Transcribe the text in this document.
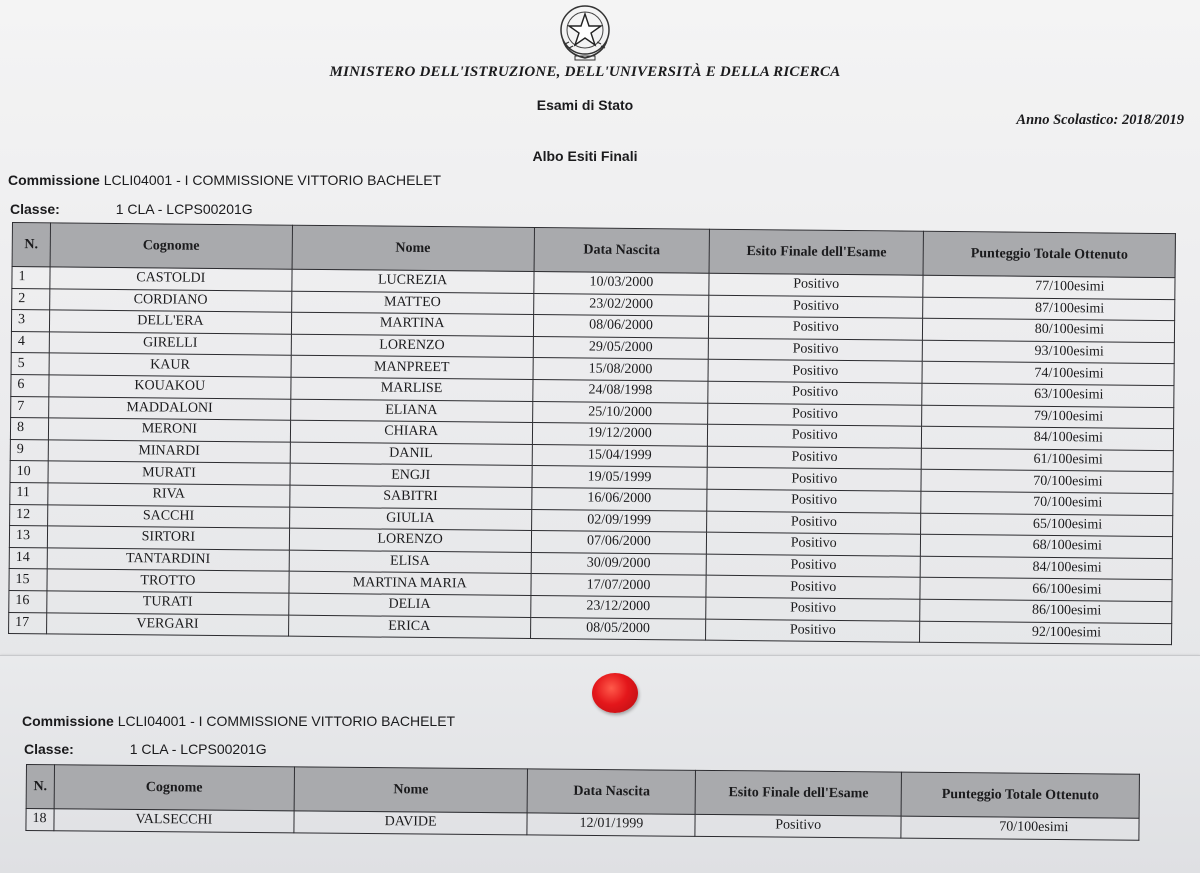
MINISTERO DELL'ISTRUZIONE, DELL'UNIVERSITÀ E DELLA RICERCA
Esami di Stato
Anno Scolastico: 2018/2019
Albo Esiti Finali
Commissione LCLI04001 - I COMMISSIONE VITTORIO BACHELET
Classe:	1 CLA - LCPS00201G
N.	Cognome	Nome	Data Nascita	Esito Finale dell'Esame	Punteggio Totale Ottenuto
1	CASTOLDI	LUCREZIA	10/03/2000	Positivo	77/100esimi
2	CORDIANO	MATTEO	23/02/2000	Positivo	87/100esimi
3	DELL'ERA	MARTINA	08/06/2000	Positivo	80/100esimi
4	GIRELLI	LORENZO	29/05/2000	Positivo	93/100esimi
5	KAUR	MANPREET	15/08/2000	Positivo	74/100esimi
6	KOUAKOU	MARLISE	24/08/1998	Positivo	63/100esimi
7	MADDALONI	ELIANA	25/10/2000	Positivo	79/100esimi
8	MERONI	CHIARA	19/12/2000	Positivo	84/100esimi
9	MINARDI	DANIL	15/04/1999	Positivo	61/100esimi
10	MURATI	ENGJI	19/05/1999	Positivo	70/100esimi
11	RIVA	SABITRI	16/06/2000	Positivo	70/100esimi
12	SACCHI	GIULIA	02/09/1999	Positivo	65/100esimi
13	SIRTORI	LORENZO	07/06/2000	Positivo	68/100esimi
14	TANTARDINI	ELISA	30/09/2000	Positivo	84/100esimi
15	TROTTO	MARTINA MARIA	17/07/2000	Positivo	66/100esimi
16	TURATI	DELIA	23/12/2000	Positivo	86/100esimi
17	VERGARI	ERICA	08/05/2000	Positivo	92/100esimi
Commissione LCLI04001 - I COMMISSIONE VITTORIO BACHELET
Classe:	1 CLA - LCPS00201G
N.	Cognome	Nome	Data Nascita	Esito Finale dell'Esame	Punteggio Totale Ottenuto
18	VALSECCHI	DAVIDE	12/01/1999	Positivo	70/100esimi
